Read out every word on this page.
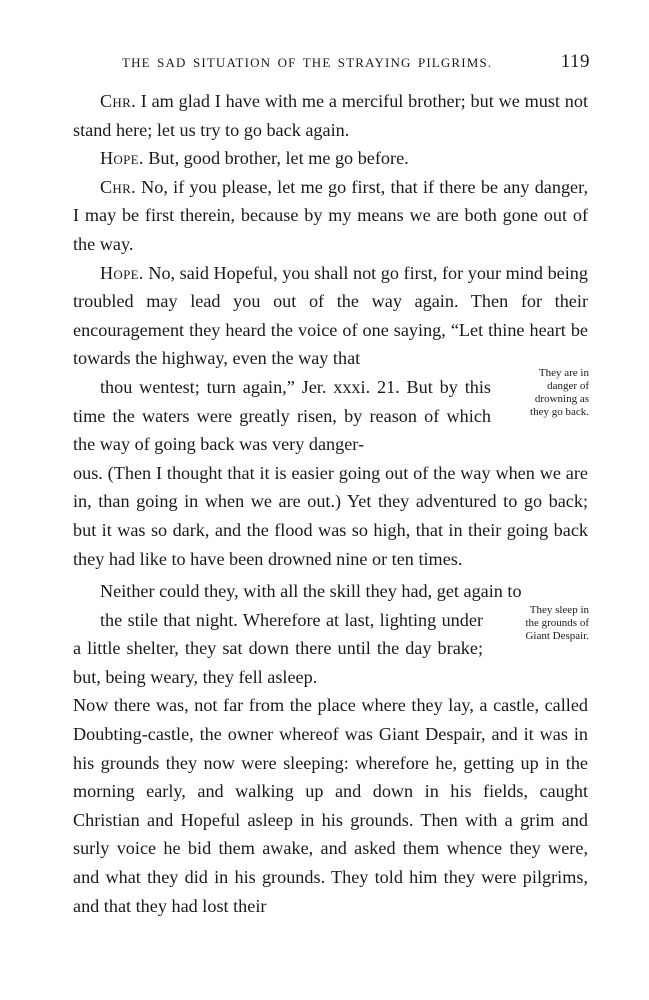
THE SAD SITUATION OF THE STRAYING PILGRIMS.	119

Chr. I am glad I have with me a merciful brother; but we must not stand here; let us try to go back again.

Hope. But, good brother, let me go before.

Chr. No, if you please, let me go first, that if there be any danger, I may be first therein, because by my means we are both gone out of the way.

Hope. No, said Hopeful, you shall not go first, for your mind being troubled may lead you out of the way again. Then for their encouragement they heard the voice of one saying, “Let thine heart be towards the highway, even the way that
thou wentest; turn again,” Jer. xxxi. 21. But by this time the waters were greatly risen, by reason of which the way of going back was very danger-
ous. (Then I thought that it is easier going out of the way when we are in, than going in when we are out.) Yet they adventured to go back; but it was so dark, and the flood was so high, that in their going back they had like to have been drowned nine or ten times.

Neither could they, with all the skill they had, get again to
the stile that night. Wherefore at last, lighting under a little shelter, they sat down there until the day brake; but, being weary, they fell asleep.
Now there was, not far from the place where they lay, a castle, called Doubting-castle, the owner whereof was Giant Despair, and it was in his grounds they now were sleeping: wherefore he, getting up in the morning early, and walking up and down in his fields, caught Christian and Hopeful asleep in his grounds. Then with a grim and surly voice he bid them awake, and asked them whence they were, and what they did in his grounds. They told him they were pilgrims, and that they had lost their

They are in
danger of
drowning as
they go back.
They sleep in
the grounds of
Giant Despair.
